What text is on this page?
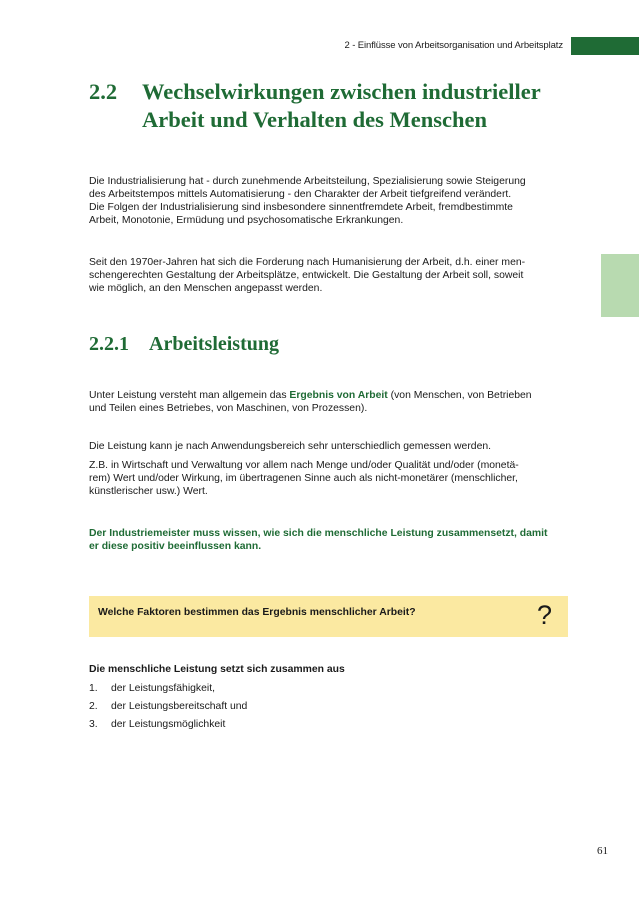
2 - Einflüsse von Arbeitsorganisation und Arbeitsplatz
2.2 Wechselwirkungen zwischen industrieller
Arbeit und Verhalten des Menschen
Die Industrialisierung hat - durch zunehmende Arbeitsteilung, Spezialisierung sowie Steigerung
des Arbeitstempos mittels Automatisierung - den Charakter der Arbeit tiefgreifend verändert.
Die Folgen der Industrialisierung sind insbesondere sinnentfremdete Arbeit, fremdbestimmte
Arbeit, Monotonie, Ermüdung und psychosomatische Erkrankungen.
Seit den 1970er-Jahren hat sich die Forderung nach Humanisierung der Arbeit, d.h. einer men-
schengerechten Gestaltung der Arbeitsplätze, entwickelt. Die Gestaltung der Arbeit soll, soweit
wie möglich, an den Menschen angepasst werden.
2.2.1 Arbeitsleistung
Unter Leistung versteht man allgemein das Ergebnis von Arbeit (von Menschen, von Betrieben
und Teilen eines Betriebes, von Maschinen, von Prozessen).
Die Leistung kann je nach Anwendungsbereich sehr unterschiedlich gemessen werden.
Z.B. in Wirtschaft und Verwaltung vor allem nach Menge und/oder Qualität und/oder (monetä-
rem) Wert und/oder Wirkung, im übertragenen Sinne auch als nicht-monetärer (menschlicher,
künstlerischer usw.) Wert.
Der Industriemeister muss wissen, wie sich die menschliche Leistung zusammensetzt, damit
er diese positiv beeinflussen kann.
Welche Faktoren bestimmen das Ergebnis menschlicher Arbeit?	?
Die menschliche Leistung setzt sich zusammen aus
1. der Leistungsfähigkeit,
2. der Leistungsbereitschaft und
3. der Leistungsmöglichkeit
61
